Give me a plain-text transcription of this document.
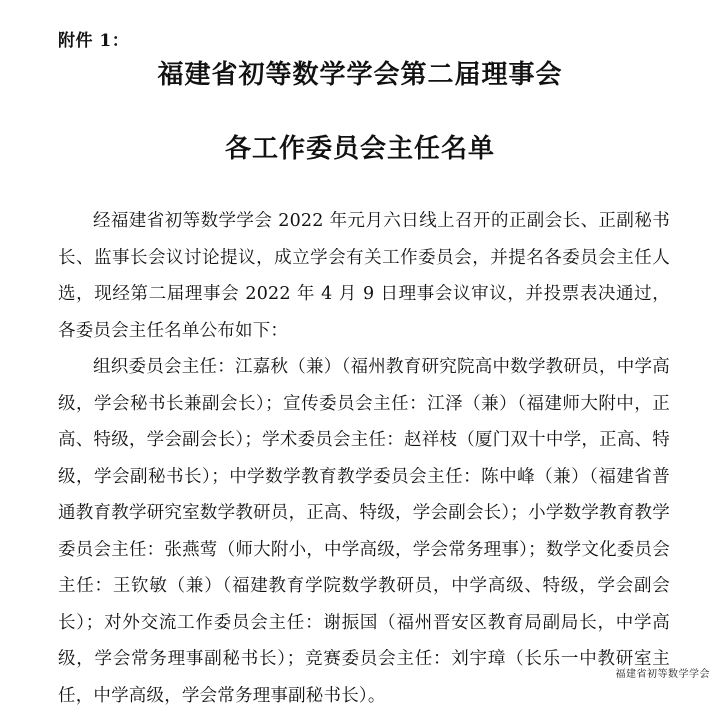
附件 1：
福建省初等数学学会第二届理事会
各工作委员会主任名单

经福建省初等数学学会 2022 年元月六日线上召开的正副会长、正副秘书长、监事长会议讨论提议，成立学会有关工作委员会，并提名各委员会主任人选，现经第二届理事会 2022 年 4 月 9 日理事会议审议，并投票表决通过，各委员会主任名单公布如下：

组织委员会主任：江嘉秋（兼）（福州教育研究院高中数学教研员，中学高级，学会秘书长兼副会长）；宣传委员会主任：江泽（兼）（福建师大附中，正高、特级，学会副会长）；学术委员会主任：赵祥枝（厦门双十中学，正高、特级，学会副秘书长）；中学数学教育教学委员会主任：陈中峰（兼）（福建省普通教育教学研究室数学教研员，正高、特级，学会副会长）；小学数学教育教学委员会主任：张燕莺（师大附小，中学高级，学会常务理事）；数学文化委员会主任：王钦敏（兼）（福建教育学院数学教研员，中学高级、特级，学会副会长）；对外交流工作委员会主任：谢振国（福州晋安区教育局副局长，中学高级，学会常务理事副秘书长）；竞赛委员会主任：刘宇璋（长乐一中教研室主任，中学高级，学会常务理事副秘书长）。

福建省初等数学学会
